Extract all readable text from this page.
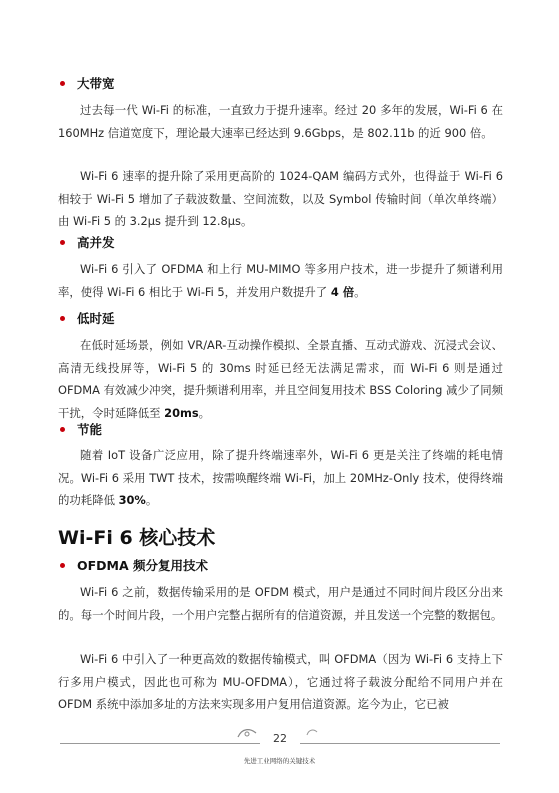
大带宽

过去每一代 Wi-Fi 的标准，一直致力于提升速率。经过 20 多年的发展，Wi-Fi 6 在 160MHz 信道宽度下，理论最大速率已经达到 9.6Gbps，是 802.11b 的近 900 倍。

Wi-Fi 6 速率的提升除了采用更高阶的 1024-QAM 编码方式外，也得益于 Wi-Fi 6 相较于 Wi-Fi 5 增加了子载波数量、空间流数，以及 Symbol 传输时间（单次单终端）由 Wi-Fi 5 的 3.2μs 提升到 12.8μs。

高并发

Wi-Fi 6 引入了 OFDMA 和上行 MU-MIMO 等多用户技术，进一步提升了频谱利用率，使得 Wi-Fi 6 相比于 Wi-Fi 5，并发用户数提升了 4 倍。

低时延

在低时延场景，例如 VR/AR-互动操作模拟、全景直播、互动式游戏、沉浸式会议、高清无线投屏等，Wi-Fi 5 的 30ms 时延已经无法满足需求，而 Wi-Fi 6 则是通过 OFDMA 有效减少冲突，提升频谱利用率，并且空间复用技术 BSS Coloring 减少了同频干扰，令时延降低至 20ms。

节能

随着 IoT 设备广泛应用，除了提升终端速率外，Wi-Fi 6 更是关注了终端的耗电情况。Wi-Fi 6 采用 TWT 技术，按需唤醒终端 Wi-Fi，加上 20MHz-Only 技术，使得终端的功耗降低 30%。

Wi-Fi 6 核心技术
OFDMA 频分复用技术

Wi-Fi 6 之前，数据传输采用的是 OFDM 模式，用户是通过不同时间片段区分出来的。每一个时间片段，一个用户完整占据所有的信道资源，并且发送一个完整的数据包。

Wi-Fi 6 中引入了一种更高效的数据传输模式，叫 OFDMA（因为 Wi-Fi 6 支持上下行多用户模式，因此也可称为 MU-OFDMA），它通过将子载波分配给不同用户并在 OFDM 系统中添加多址的方法来实现多用户复用信道资源。迄今为止，它已被

22
先进工业网络的关键技术
